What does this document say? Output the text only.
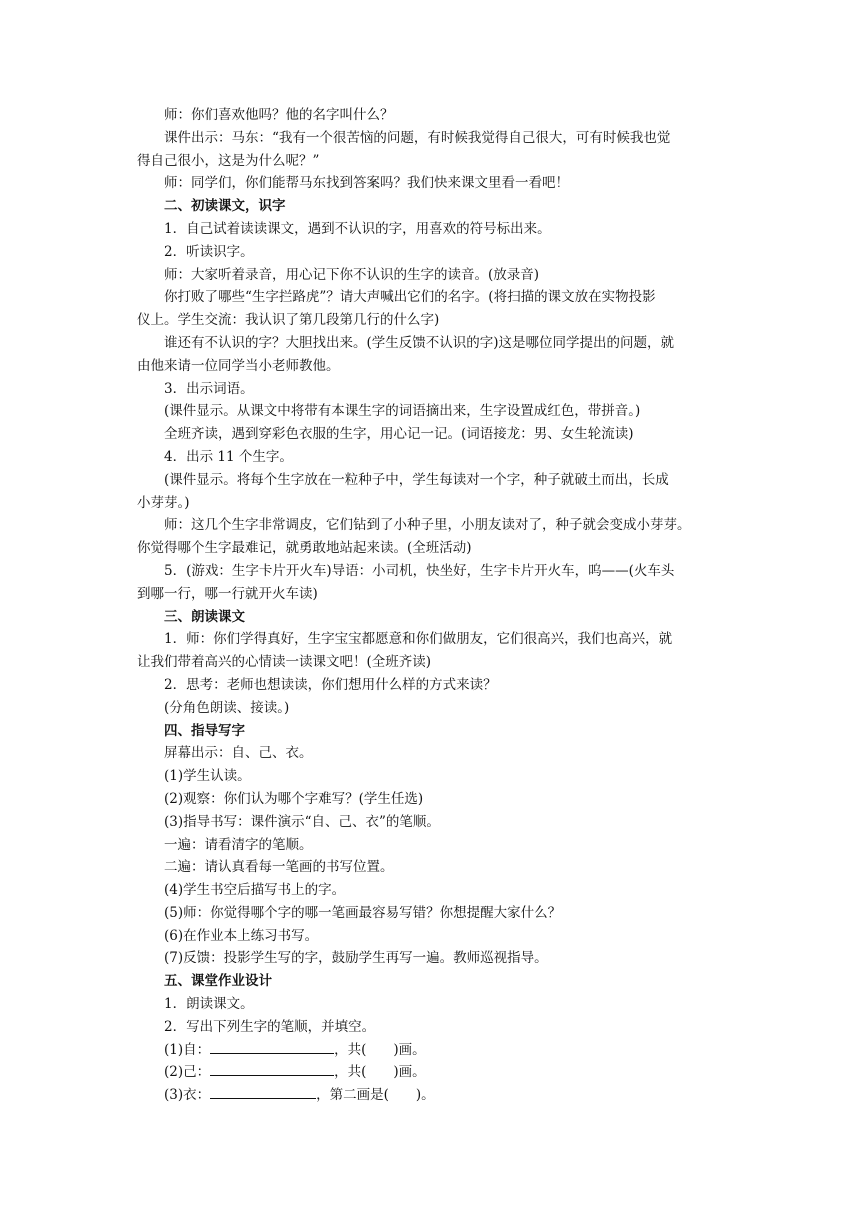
师：你们喜欢他吗？他的名字叫什么？
课件出示：马东：“我有一个很苦恼的问题，有时候我觉得自己很大，可有时候我也觉
得自己很小，这是为什么呢？”
师：同学们，你们能帮马东找到答案吗？我们快来课文里看一看吧！
二、初读课文，识字
1．自己试着读读课文，遇到不认识的字，用喜欢的符号标出来。
2．听读识字。
师：大家听着录音，用心记下你不认识的生字的读音。(放录音)
你打败了哪些“生字拦路虎”？请大声喊出它们的名字。(将扫描的课文放在实物投影
仪上。学生交流：我认识了第几段第几行的什么字)
谁还有不认识的字？大胆找出来。(学生反馈不认识的字)这是哪位同学提出的问题，就
由他来请一位同学当小老师教他。
3．出示词语。
(课件显示。从课文中将带有本课生字的词语摘出来，生字设置成红色，带拼音。)
全班齐读，遇到穿彩色衣服的生字，用心记一记。(词语接龙：男、女生轮流读)
4．出示 11 个生字。
(课件显示。将每个生字放在一粒种子中，学生每读对一个字，种子就破土而出，长成
小芽芽。)
师：这几个生字非常调皮，它们钻到了小种子里，小朋友读对了，种子就会变成小芽芽。
你觉得哪个生字最难记，就勇敢地站起来读。(全班活动)
5．(游戏：生字卡片开火车)导语：小司机，快坐好，生字卡片开火车，呜——(火车头
到哪一行，哪一行就开火车读)
三、朗读课文
1．师：你们学得真好，生字宝宝都愿意和你们做朋友，它们很高兴，我们也高兴，就
让我们带着高兴的心情读一读课文吧！(全班齐读)
2．思考：老师也想读读，你们想用什么样的方式来读？
(分角色朗读、接读。)
四、指导写字
屏幕出示：自、己、衣。
(1)学生认读。
(2)观察：你们认为哪个字难写？(学生任选)
(3)指导书写：课件演示“自、己、衣”的笔顺。
一遍：请看清字的笔顺。
二遍：请认真看每一笔画的书写位置。
(4)学生书空后描写书上的字。
(5)师：你觉得哪个字的哪一笔画最容易写错？你想提醒大家什么？
(6)在作业本上练习书写。
(7)反馈：投影学生写的字，鼓励学生再写一遍。教师巡视指导。
五、课堂作业设计
1．朗读课文。
2．写出下列生字的笔顺，并填空。
(1)自：	，共(　　)画。
(2)己：	，共(　　)画。
(3)衣：	，第二画是(　　)。
